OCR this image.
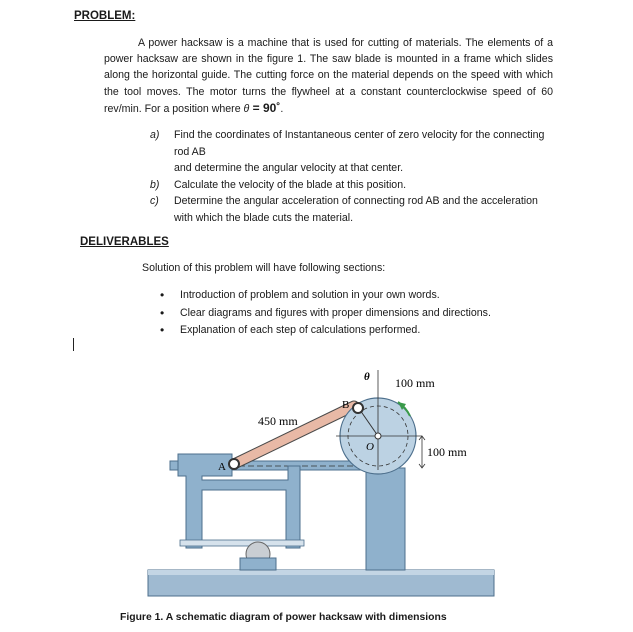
PROBLEM:
A power hacksaw is a machine that is used for cutting of materials. The elements of a power hacksaw are shown in the figure 1. The saw blade is mounted in a frame which slides along the horizontal guide. The cutting force on the material depends on the speed with which the tool moves. The motor turns the flywheel at a constant counterclockwise speed of 60 rev/min. For a position where θ = 90˚.
a)	Find the coordinates of Instantaneous center of zero velocity for the connecting rod AB
and determine the angular velocity at that center.
b)	Calculate the velocity of the blade at this position.
c)	Determine the angular acceleration of connecting rod AB and the acceleration with which the blade cuts the material.
DELIVERABLES
Solution of this problem will have following sections:
•	Introduction of problem and solution in your own words.
•	Clear diagrams and figures with proper dimensions and directions.
•	Explanation of each step of calculations performed.
θ 100 mm
100 mm
450 mm
A
B
O
Figure 1. A schematic diagram of power hacksaw with dimensions
